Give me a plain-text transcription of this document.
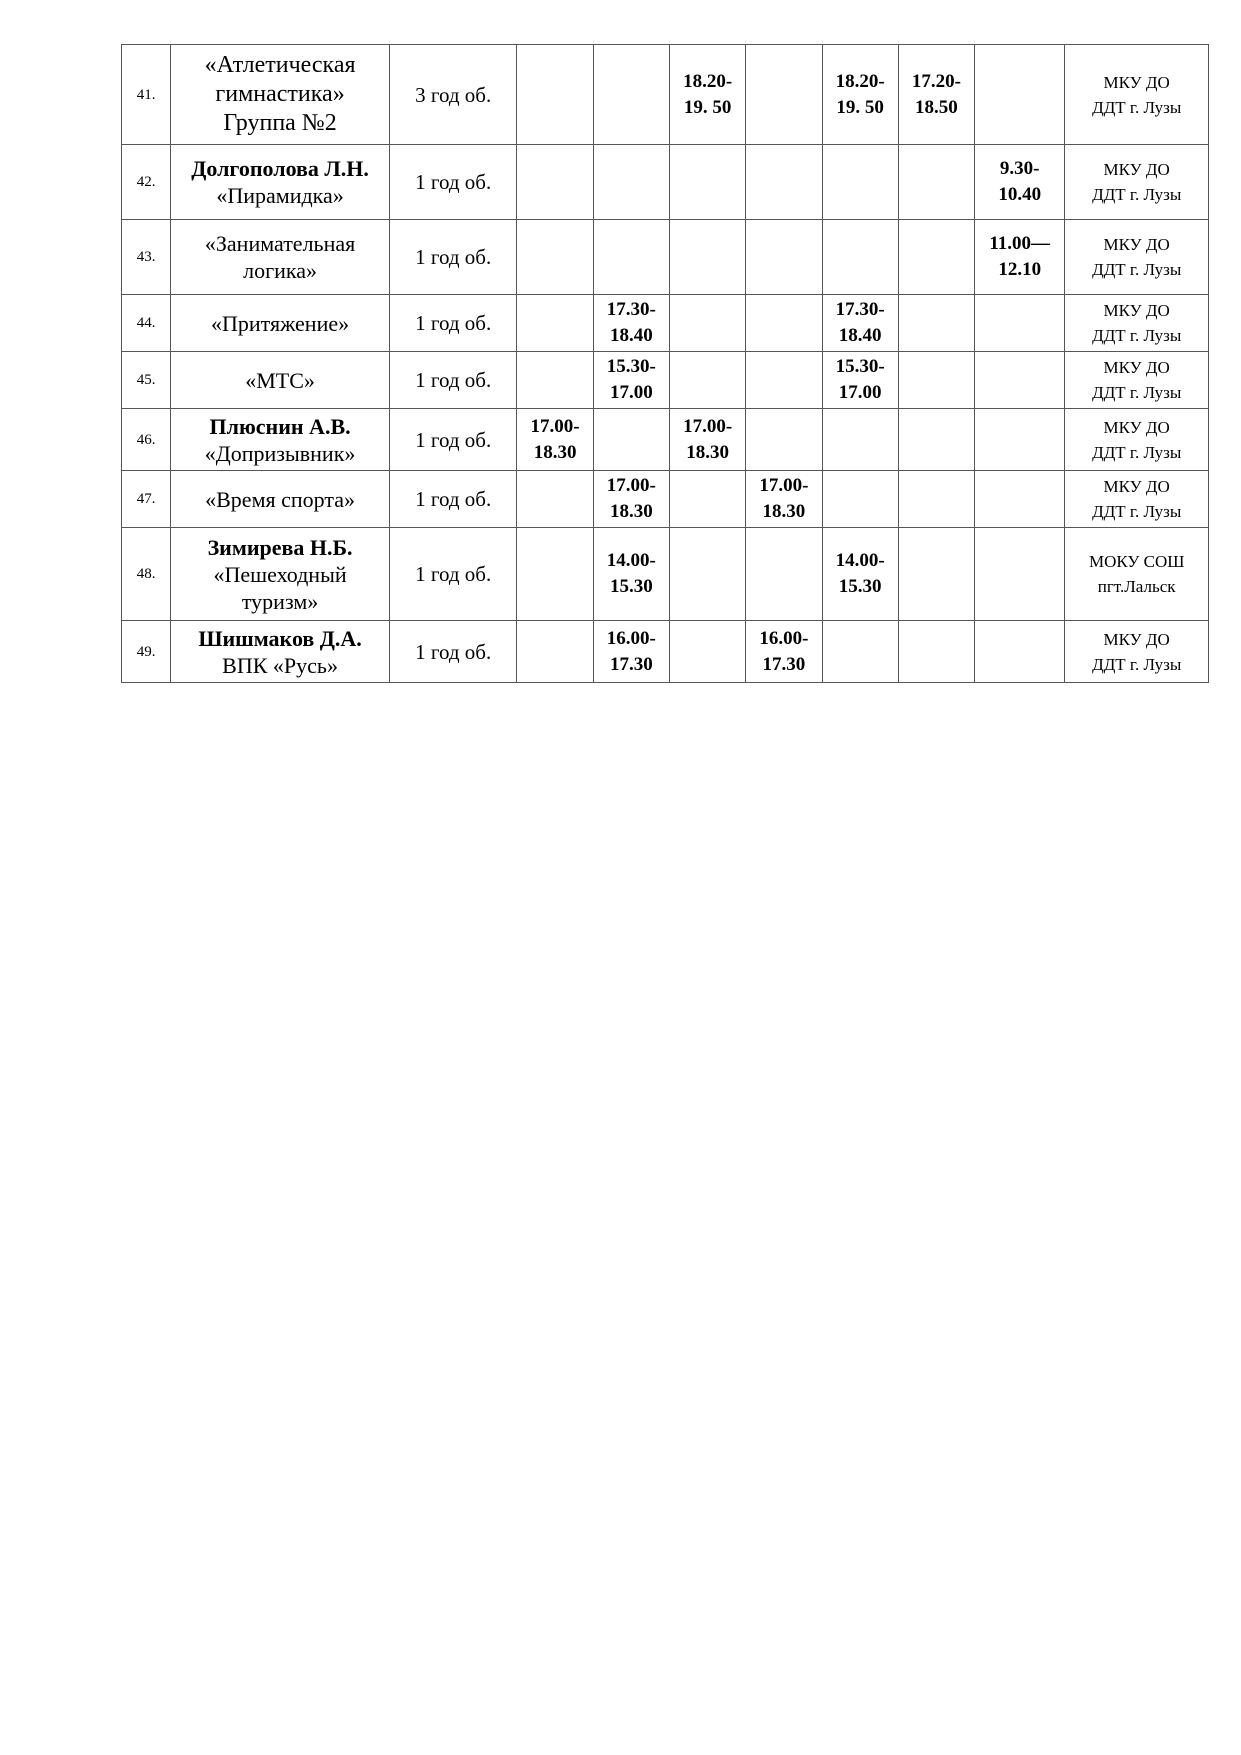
41.	«Атлетическая
гимнастика»
Группа №2	3 год об.			18.20-
19. 50		18.20-
19. 50	17.20-
18.50		МКУ ДО
ДДТ г. Лузы
42.	Долгополова Л.Н.
«Пирамидка»	1 год об.							9.30-
10.40	МКУ ДО
ДДТ г. Лузы
43.	«Занимательная
логика»	1 год об.							11.00—
12.10	МКУ ДО
ДДТ г. Лузы
44.	«Притяжение»	1 год об.		17.30-
18.40			17.30-
18.40			МКУ ДО
ДДТ г. Лузы
45.	«МТС»	1 год об.		15.30-
17.00			15.30-
17.00			МКУ ДО
ДДТ г. Лузы
46.	Плюснин А.В.
«Допризывник»	1 год об.	17.00-
18.30		17.00-
18.30					МКУ ДО
ДДТ г. Лузы
47.	«Время спорта»	1 год об.		17.00-
18.30		17.00-
18.30				МКУ ДО
ДДТ г. Лузы
48.	Зимирева Н.Б.
«Пешеходный
туризм»	1 год об.		14.00-
15.30			14.00-
15.30			МОКУ СОШ
пгт.Лальск
49.	Шишмаков Д.А.
ВПК «Русь»	1 год об.		16.00-
17.30		16.00-
17.30				МКУ ДО
ДДТ г. Лузы
